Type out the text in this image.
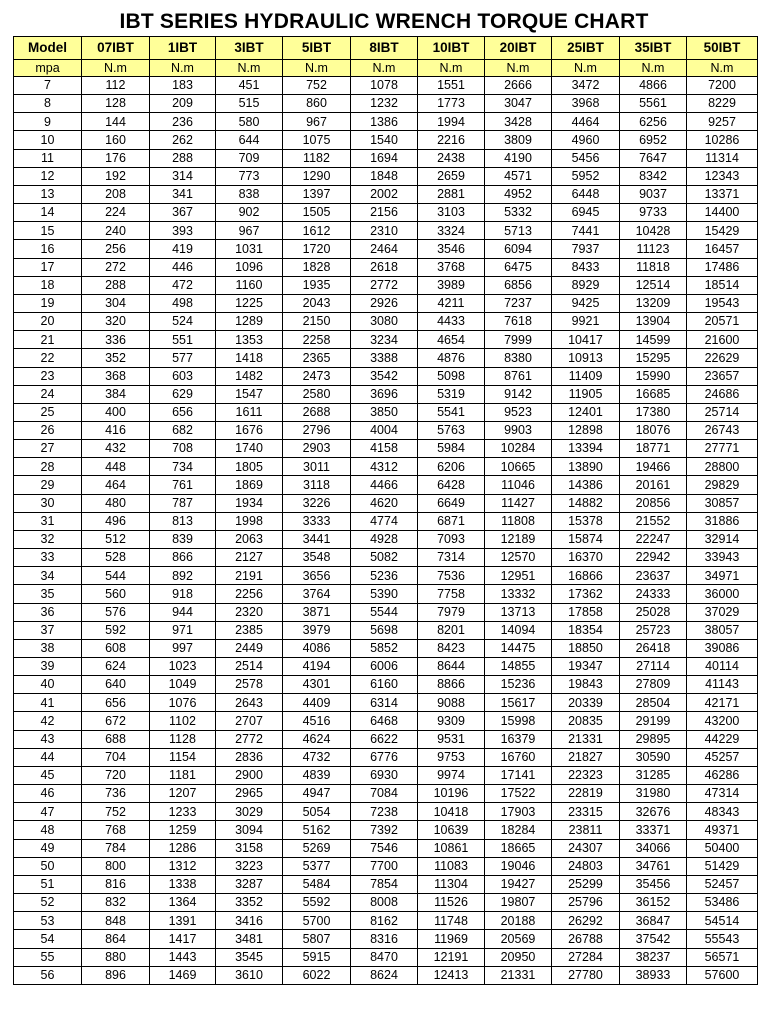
IBT SERIES HYDRAULIC WRENCH TORQUE CHART
Model	07IBT	1IBT	3IBT	5IBT	8IBT	10IBT	20IBT	25IBT	35IBT	50IBT
mpa	N.m	N.m	N.m	N.m	N.m	N.m	N.m	N.m	N.m	N.m
7	112	183	451	752	1078	1551	2666	3472	4866	7200
8	128	209	515	860	1232	1773	3047	3968	5561	8229
9	144	236	580	967	1386	1994	3428	4464	6256	9257
10	160	262	644	1075	1540	2216	3809	4960	6952	10286
11	176	288	709	1182	1694	2438	4190	5456	7647	11314
12	192	314	773	1290	1848	2659	4571	5952	8342	12343
13	208	341	838	1397	2002	2881	4952	6448	9037	13371
14	224	367	902	1505	2156	3103	5332	6945	9733	14400
15	240	393	967	1612	2310	3324	5713	7441	10428	15429
16	256	419	1031	1720	2464	3546	6094	7937	11123	16457
17	272	446	1096	1828	2618	3768	6475	8433	11818	17486
18	288	472	1160	1935	2772	3989	6856	8929	12514	18514
19	304	498	1225	2043	2926	4211	7237	9425	13209	19543
20	320	524	1289	2150	3080	4433	7618	9921	13904	20571
21	336	551	1353	2258	3234	4654	7999	10417	14599	21600
22	352	577	1418	2365	3388	4876	8380	10913	15295	22629
23	368	603	1482	2473	3542	5098	8761	11409	15990	23657
24	384	629	1547	2580	3696	5319	9142	11905	16685	24686
25	400	656	1611	2688	3850	5541	9523	12401	17380	25714
26	416	682	1676	2796	4004	5763	9903	12898	18076	26743
27	432	708	1740	2903	4158	5984	10284	13394	18771	27771
28	448	734	1805	3011	4312	6206	10665	13890	19466	28800
29	464	761	1869	3118	4466	6428	11046	14386	20161	29829
30	480	787	1934	3226	4620	6649	11427	14882	20856	30857
31	496	813	1998	3333	4774	6871	11808	15378	21552	31886
32	512	839	2063	3441	4928	7093	12189	15874	22247	32914
33	528	866	2127	3548	5082	7314	12570	16370	22942	33943
34	544	892	2191	3656	5236	7536	12951	16866	23637	34971
35	560	918	2256	3764	5390	7758	13332	17362	24333	36000
36	576	944	2320	3871	5544	7979	13713	17858	25028	37029
37	592	971	2385	3979	5698	8201	14094	18354	25723	38057
38	608	997	2449	4086	5852	8423	14475	18850	26418	39086
39	624	1023	2514	4194	6006	8644	14855	19347	27114	40114
40	640	1049	2578	4301	6160	8866	15236	19843	27809	41143
41	656	1076	2643	4409	6314	9088	15617	20339	28504	42171
42	672	1102	2707	4516	6468	9309	15998	20835	29199	43200
43	688	1128	2772	4624	6622	9531	16379	21331	29895	44229
44	704	1154	2836	4732	6776	9753	16760	21827	30590	45257
45	720	1181	2900	4839	6930	9974	17141	22323	31285	46286
46	736	1207	2965	4947	7084	10196	17522	22819	31980	47314
47	752	1233	3029	5054	7238	10418	17903	23315	32676	48343
48	768	1259	3094	5162	7392	10639	18284	23811	33371	49371
49	784	1286	3158	5269	7546	10861	18665	24307	34066	50400
50	800	1312	3223	5377	7700	11083	19046	24803	34761	51429
51	816	1338	3287	5484	7854	11304	19427	25299	35456	52457
52	832	1364	3352	5592	8008	11526	19807	25796	36152	53486
53	848	1391	3416	5700	8162	11748	20188	26292	36847	54514
54	864	1417	3481	5807	8316	11969	20569	26788	37542	55543
55	880	1443	3545	5915	8470	12191	20950	27284	38237	56571
56	896	1469	3610	6022	8624	12413	21331	27780	38933	57600
